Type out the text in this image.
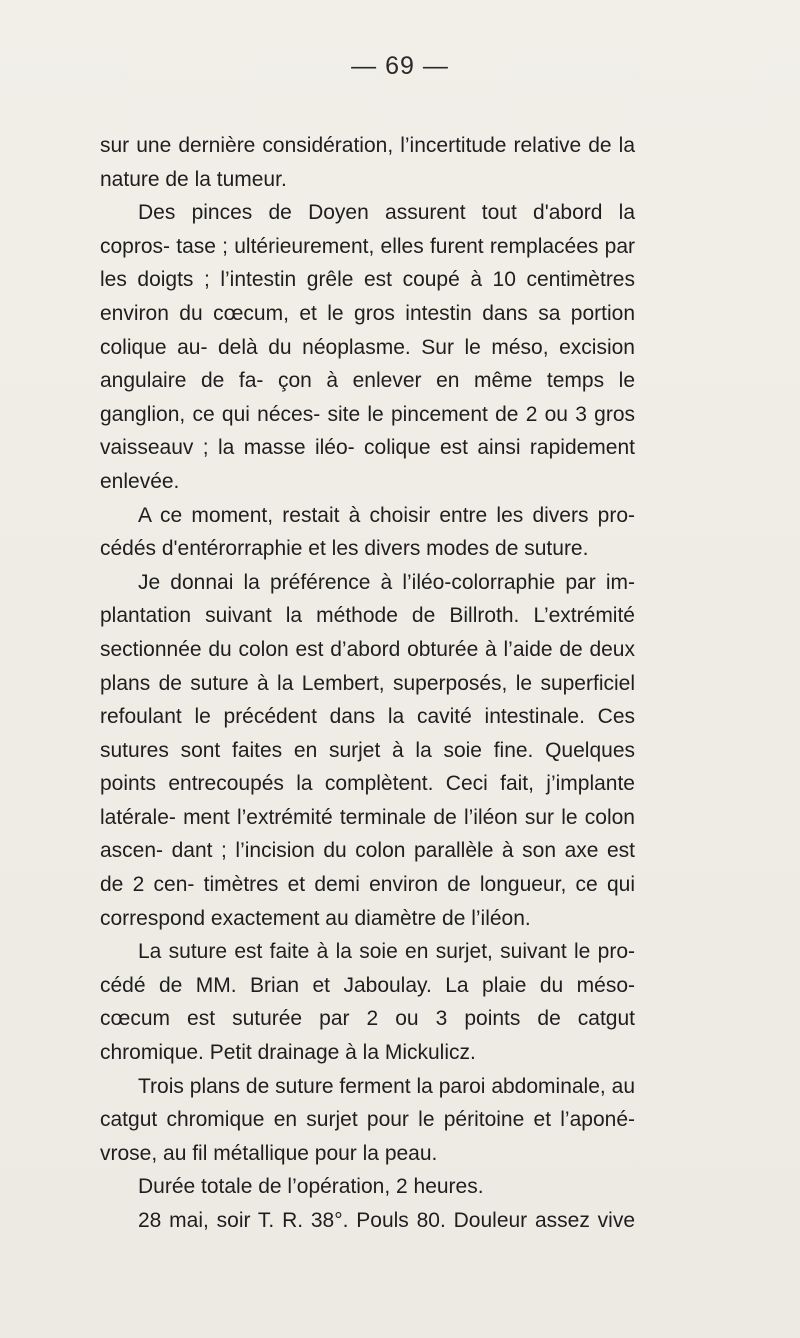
— 69 —

sur une dernière considération, l’incertitude relative de la nature de la tumeur.

Des pinces de Doyen assurent tout d'abord la copros- tase ; ultérieurement, elles furent remplacées par les doigts ; l’intestin grêle est coupé à 10 centimètres environ du cœcum, et le gros intestin dans sa portion colique au- delà du néoplasme. Sur le méso, excision angulaire de fa- çon à enlever en même temps le ganglion, ce qui néces- site le pincement de 2 ou 3 gros vaisseauv ; la masse iléo- colique est ainsi rapidement enlevée.

A ce moment, restait à choisir entre les divers pro- cédés d'entérorraphie et les divers modes de suture.

Je donnai la préférence à l’iléo-colorraphie par im- plantation suivant la méthode de Billroth. L’extrémité sectionnée du colon est d’abord obturée à l’aide de deux plans de suture à la Lembert, superposés, le superficiel refoulant le précédent dans la cavité intestinale. Ces sutures sont faites en surjet à la soie fine. Quelques points entrecoupés la complètent. Ceci fait, j’implante latérale- ment l’extrémité terminale de l’iléon sur le colon ascen- dant ; l’incision du colon parallèle à son axe est de 2 cen- timètres et demi environ de longueur, ce qui correspond exactement au diamètre de l’iléon.

La suture est faite à la soie en surjet, suivant le pro- cédé de MM. Brian et Jaboulay. La plaie du méso-cœcum est suturée par 2 ou 3 points de catgut chromique. Petit drainage à la Mickulicz.

Trois plans de suture ferment la paroi abdominale, au catgut chromique en surjet pour le péritoine et l’aponé- vrose, au fil métallique pour la peau.

Durée totale de l’opération, 2 heures.

28 mai, soir T. R. 38°. Pouls 80. Douleur assez vive
